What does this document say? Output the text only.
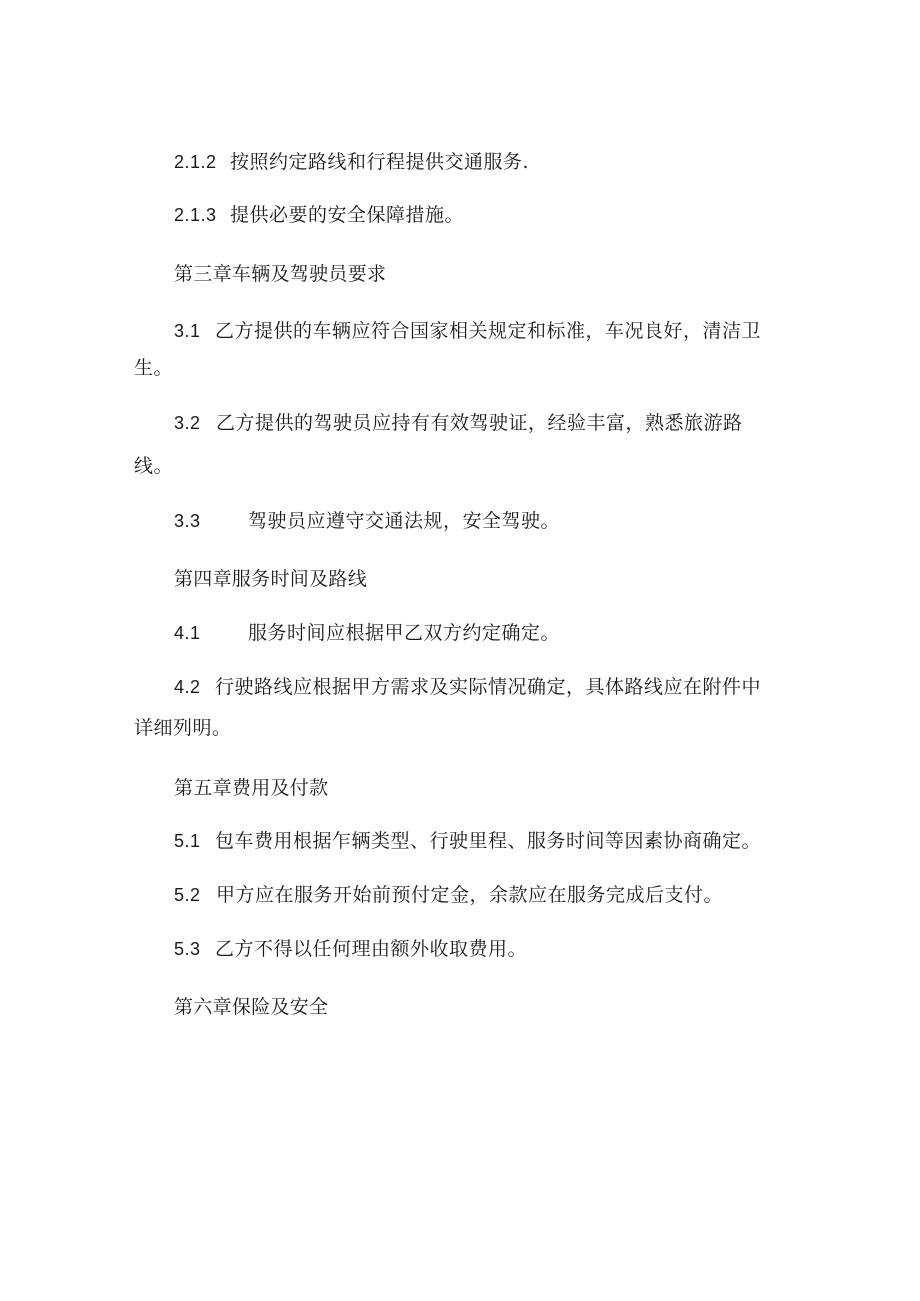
2.1.2 按照约定路线和行程提供交通服务.
2.1.3 提供必要的安全保障措施。
第三章车辆及驾驶员要求
3.1 乙方提供的车辆应符合国家相关规定和标准，车况良好，清洁卫
生。
3.2 乙方提供的驾驶员应持有有效驾驶证，经验丰富，熟悉旅游路
线。
3.3 驾驶员应遵守交通法规，安全驾驶。
第四章服务时间及路线
4.1 服务时间应根据甲乙双方约定确定。
4.2 行驶路线应根据甲方需求及实际情况确定，具体路线应在附件中
详细列明。
第五章费用及付款
5.1 包车费用根据乍辆类型、行驶里程、服务时间等因素协商确定。
5.2 甲方应在服务开始前预付定金，余款应在服务完成后支付。
5.3 乙方不得以任何理由额外收取费用。
第六章保险及安全
